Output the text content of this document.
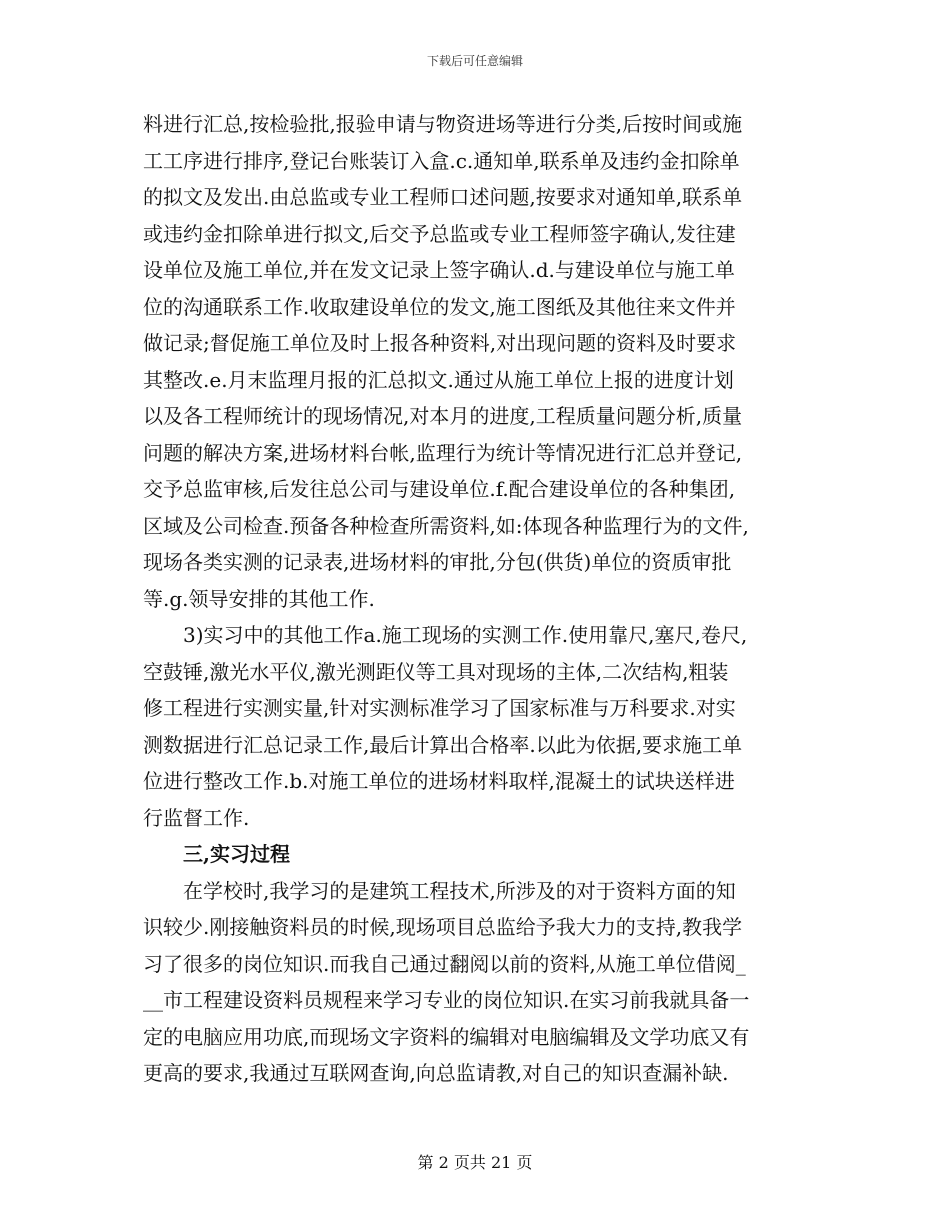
下载后可任意编辑
料进行汇总,按检验批,报验申请与物资进场等进行分类,后按时间或施
工工序进行排序,登记台账装订入盒.c.通知单,联系单及违约金扣除单
的拟文及发出.由总监或专业工程师口述问题,按要求对通知单,联系单
或违约金扣除单进行拟文,后交予总监或专业工程师签字确认,发往建
设单位及施工单位,并在发文记录上签字确认.d.与建设单位与施工单
位的沟通联系工作.收取建设单位的发文,施工图纸及其他往来文件并
做记录;督促施工单位及时上报各种资料,对出现问题的资料及时要求
其整改.e.月末监理月报的汇总拟文.通过从施工单位上报的进度计划
以及各工程师统计的现场情况,对本月的进度,工程质量问题分析,质量
问题的解决方案,进场材料台帐,监理行为统计等情况进行汇总并登记,
交予总监审核,后发往总公司与建设单位.f.配合建设单位的各种集团,
区域及公司检查.预备各种检查所需资料,如:体现各种监理行为的文件,
现场各类实测的记录表,进场材料的审批,分包(供货)单位的资质审批
等.g.领导安排的其他工作.
3)实习中的其他工作a.施工现场的实测工作.使用靠尺,塞尺,卷尺,
空鼓锤,激光水平仪,激光测距仪等工具对现场的主体,二次结构,粗装
修工程进行实测实量,针对实测标准学习了国家标准与万科要求.对实
测数据进行汇总记录工作,最后计算出合格率.以此为依据,要求施工单
位进行整改工作.b.对施工单位的进场材料取样,混凝土的试块送样进
行监督工作.
三,实习过程
在学校时,我学习的是建筑工程技术,所涉及的对于资料方面的知
识较少.刚接触资料员的时候,现场项目总监给予我大力的支持,教我学
习了很多的岗位知识.而我自己通过翻阅以前的资料,从施工单位借阅_
__市工程建设资料员规程来学习专业的岗位知识.在实习前我就具备一
定的电脑应用功底,而现场文字资料的编辑对电脑编辑及文学功底又有
更高的要求,我通过互联网查询,向总监请教,对自己的知识查漏补缺.
第 2 页共 21 页
